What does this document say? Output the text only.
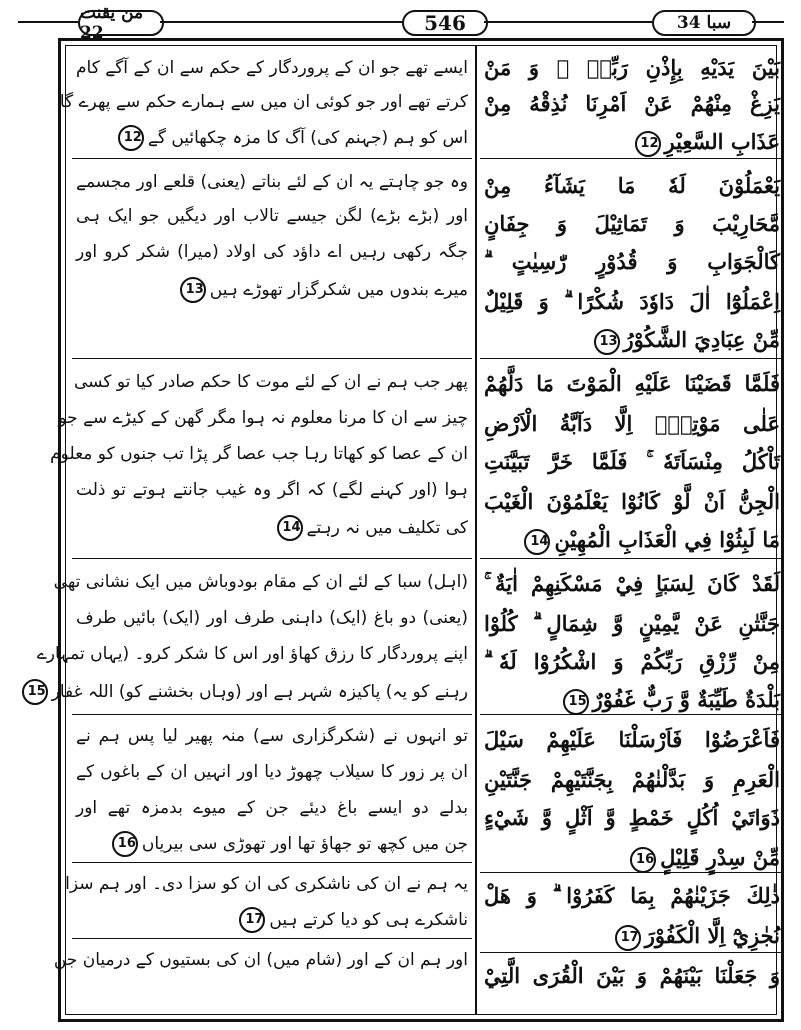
من یقنت 22	546	سبا 34
ایسے تھے جو ان کے پروردگار کے حکم سے ان کے آگے کام
کرتے تھے اور جو کوئی ان میں سے ہمارے حکم سے پھرے گا
اس کو ہم (جہنم کی) آگ کا مزہ چکھائیں گے12
وہ جو چاہتے یہ ان کے لئے بناتے (یعنی) قلعے اور مجسمے
اور (بڑے بڑے) لگن جیسے تالاب اور دیگیں جو ایک ہی
جگہ رکھی رہیں اے داؤد کی اولاد (میرا) شکر کرو اور
میرے بندوں میں شکرگزار تھوڑے ہیں13
پھر جب ہم نے ان کے لئے موت کا حکم صادر کیا تو کسی
چیز سے ان کا مرنا معلوم نہ ہوا مگر گھن کے کیڑے سے جو
ان کے عصا کو کھاتا رہا جب عصا گر پڑا تب جنوں کو معلوم
ہوا (اور کہنے لگے) کہ اگر وہ غیب جانتے ہوتے تو ذلت
کی تکلیف میں نہ رہتے14
(اہل) سبا کے لئے ان کے مقام بودوباش میں ایک نشانی تھی
(یعنی) دو باغ (ایک) داہنی طرف اور (ایک) بائیں طرف
اپنے پروردگار کا رزق کھاؤ اور اس کا شکر کرو۔ (یہاں تمہارے
رہنے کو یہ) پاکیزہ شہر ہے اور (وہاں بخشنے کو) اللہ غفار15
تو انہوں نے (شکرگزاری سے) منہ پھیر لیا پس ہم نے
ان پر زور کا سیلاب چھوڑ دیا اور انہیں ان کے باغوں کے
بدلے دو ایسے باغ دیئے جن کے میوے بدمزہ تھے اور
جن میں کچھ تو جھاؤ تھا اور تھوڑی سی بیریاں16
یہ ہم نے ان کی ناشکری کی ان کو سزا دی۔ اور ہم سزا
ناشکرے ہی کو دیا کرتے ہیں17
اور ہم ان کے اور (شام میں) ان کی بستیوں کے درمیان جن
بَيْنَ يَدَيْهِ بِإِذْنِ رَبِّهٖ ۗ وَ مَنْ
يَزِغْ مِنْهُمْ عَنْ اَمْرِنَا نُذِقْهُ مِنْ
عَذَابِ السَّعِيْرِ12
يَعْمَلُوْنَ لَهٗ مَا يَشَآءُ مِنْ
مَّحَارِيْبَ وَ تَمَاثِيْلَ وَ جِفَانٍ
كَالْجَوَابِ وَ قُدُوْرٍ رّٰسِيٰتٍ ۗ
اِعْمَلُوْٓا اٰلَ دَاوٗدَ شُكْرًا ۗ وَ قَلِيْلٌ
مِّنْ عِبَادِيَ الشَّكُوْرُ13
فَلَمَّا قَضَيْنَا عَلَيْهِ الْمَوْتَ مَا دَلَّهُمْ
عَلٰى مَوْتِهٖٓ اِلَّا دَآبَّةُ الْاَرْضِ
تَاْكُلُ مِنْسَاَتَهٗ ۚ فَلَمَّا خَرَّ تَبَيَّنَتِ
الْجِنُّ اَنْ لَّوْ كَانُوْا يَعْلَمُوْنَ الْغَيْبَ
مَا لَبِثُوْا فِي الْعَذَابِ الْمُهِيْنِ14
لَقَدْ كَانَ لِسَبَاٍ فِيْ مَسْكَنِهِمْ اٰيَةٌ ۚ
جَنَّتٰنِ عَنْ يَّمِيْنٍ وَّ شِمَالٍ ۗ كُلُوْا
مِنْ رِّزْقِ رَبِّكُمْ وَ اشْكُرُوْا لَهٗ ۗ
بَلْدَةٌ طَيِّبَةٌ وَّ رَبٌّ غَفُوْرٌ15
فَاَعْرَضُوْا فَاَرْسَلْنَا عَلَيْهِمْ سَيْلَ
الْعَرِمِ وَ بَدَّلْنٰهُمْ بِجَنَّتَيْهِمْ جَنَّتَيْنِ
ذَوَاتَيْ اُكُلٍ خَمْطٍ وَّ اَثْلٍ وَّ شَيْءٍ
مِّنْ سِدْرٍ قَلِيْلٍ16
ذٰلِكَ جَزَيْنٰهُمْ بِمَا كَفَرُوْا ۗ وَ هَلْ
نُجٰزِيْٓ اِلَّا الْكَفُوْرَ17
وَ جَعَلْنَا بَيْنَهُمْ وَ بَيْنَ الْقُرَى الَّتِيْ
